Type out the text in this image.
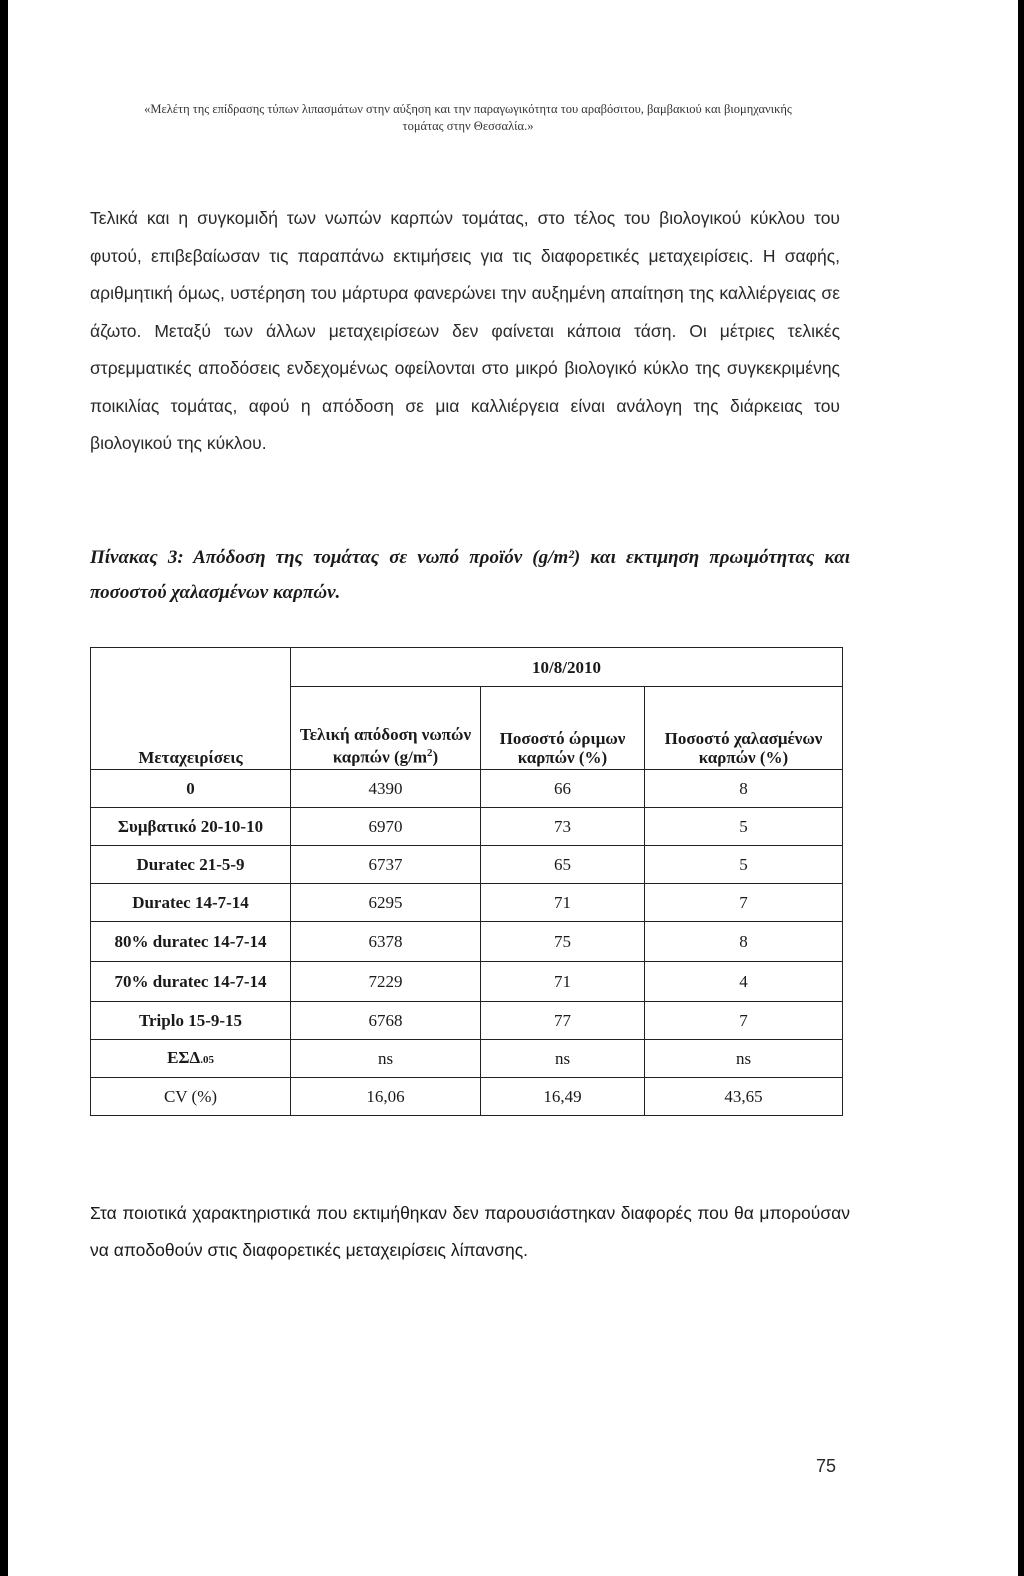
«Μελέτη της επίδρασης τύπων λιπασμάτων στην αύξηση και την παραγωγικότητα του αραβόσιτου, βαμβακιού και βιομηχανικής
τομάτας στην Θεσσαλία.»
Τελικά και η συγκομιδή των νωπών καρπών τομάτας, στο τέλος του βιολογικού κύκλου του φυτού, επιβεβαίωσαν τις παραπάνω εκτιμήσεις για τις διαφορετικές μεταχειρίσεις. Η σαφής, αριθμητική όμως, υστέρηση του μάρτυρα φανερώνει την αυξημένη απαίτηση της καλλιέργειας σε άζωτο. Μεταξύ των άλλων μεταχειρίσεων δεν φαίνεται κάποια τάση. Οι μέτριες τελικές στρεμματικές αποδόσεις ενδεχομένως οφείλονται στο μικρό βιολογικό κύκλο της συγκεκριμένης ποικιλίας τομάτας, αφού η απόδοση σε μια καλλιέργεια είναι ανάλογη της διάρκειας του βιολογικού της κύκλου.
Πίνακας 3: Απόδοση της τομάτας σε νωπό προϊόν (g/m²) και εκτιμηση πρωιμότητας και ποσοστού χαλασμένων καρπών.
Μεταχειρίσεις	10/8/2010		
	Τελική απόδοση νωπών καρπών $(g/m^2)$	Ποσοστό ώριμων καρπών (%)	Ποσοστό χαλασμένων καρπών (%)
0	4390	66	8
Συμβατικό 20-10-10	6970	73	5
Duratec 21-5-9	6737	65	5
Duratec 14-7-14	6295	71	7
80% duratec 14-7-14	6378	75	8
70% duratec 14-7-14	7229	71	4
Triplo 15-9-15	6768	77	7
ΕΣΔ.05	ns	ns	ns
CV (%)	16,06	16,49	43,65
Στα ποιοτικά χαρακτηριστικά που εκτιμήθηκαν δεν παρουσιάστηκαν διαφορές που θα μπορούσαν να αποδοθούν στις διαφορετικές μεταχειρίσεις λίπανσης.
75
